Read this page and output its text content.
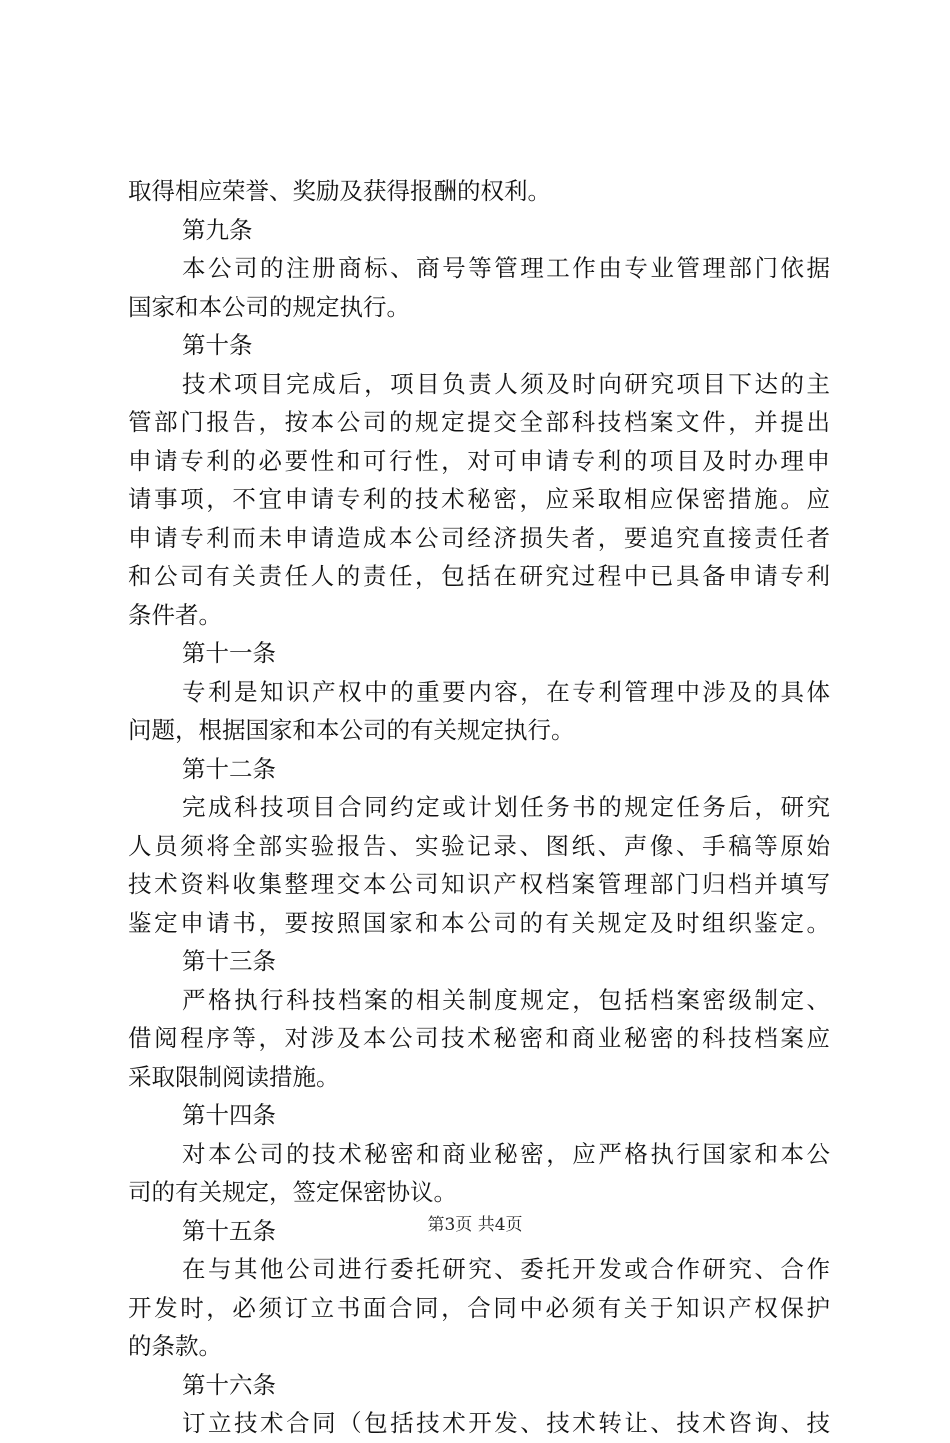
取得相应荣誉、奖励及获得报酬的权利。
第九条
本公司的注册商标、商号等管理工作由专业管理部门依据
国家和本公司的规定执行。
第十条
技术项目完成后，项目负责人须及时向研究项目下达的主
管部门报告，按本公司的规定提交全部科技档案文件，并提出
申请专利的必要性和可行性，对可申请专利的项目及时办理申
请事项，不宜申请专利的技术秘密，应采取相应保密措施。应
申请专利而未申请造成本公司经济损失者，要追究直接责任者
和公司有关责任人的责任，包括在研究过程中已具备申请专利
条件者。
第十一条
专利是知识产权中的重要内容，在专利管理中涉及的具体
问题，根据国家和本公司的有关规定执行。
第十二条
完成科技项目合同约定或计划任务书的规定任务后，研究
人员须将全部实验报告、实验记录、图纸、声像、手稿等原始
技术资料收集整理交本公司知识产权档案管理部门归档并填写
鉴定申请书，要按照国家和本公司的有关规定及时组织鉴定。
第十三条
严格执行科技档案的相关制度规定，包括档案密级制定、
借阅程序等，对涉及本公司技术秘密和商业秘密的科技档案应
采取限制阅读措施。
第十四条
对本公司的技术秘密和商业秘密，应严格执行国家和本公
司的有关规定，签定保密协议。
第十五条
在与其他公司进行委托研究、委托开发或合作研究、合作
开发时，必须订立书面合同，合同中必须有关于知识产权保护
的条款。
第十六条
订立技术合同（包括技术开发、技术转让、技术咨询、技
第3页 共4页
